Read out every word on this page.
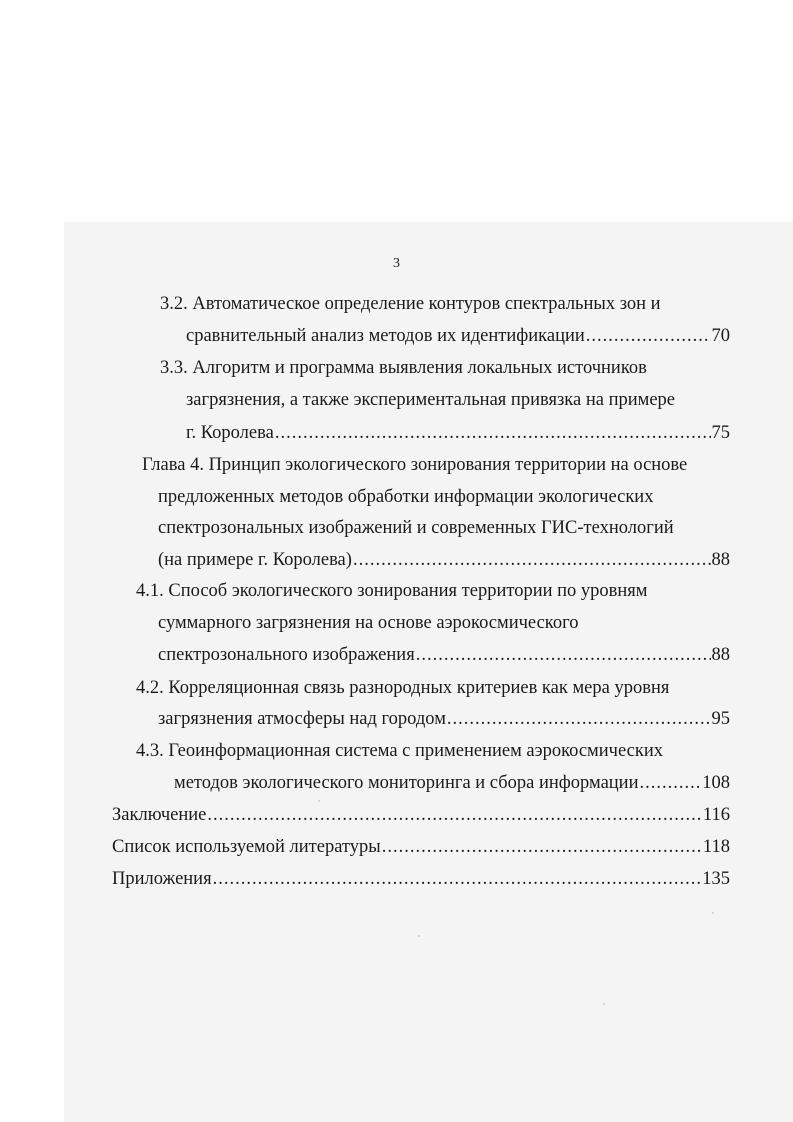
3
3.2. Автоматическое определение контуров спектральных зон и
сравнительный анализ методов их идентификации .....	70
3.3. Алгоритм и программа выявления локальных источников
загрязнения, а также экспериментальная привязка на примере
г. Королева .....	75
Глава 4. Принцип экологического зонирования территории на основе
предложенных методов обработки информации экологических
спектрозональных изображений и современных ГИС-технологий
(на примере г. Королева) .....	88
4.1. Способ экологического зонирования территории по уровням
суммарного загрязнения на основе аэрокосмического
спектрозонального изображения .....	88
4.2. Корреляционная связь разнородных критериев как мера уровня
загрязнения атмосферы над городом .....	95
4.3. Геоинформационная система с применением аэрокосмических
методов экологического мониторинга и сбора информации .....	108
Заключение .....	116
Список используемой литературы .....	118
Приложения .....	135
